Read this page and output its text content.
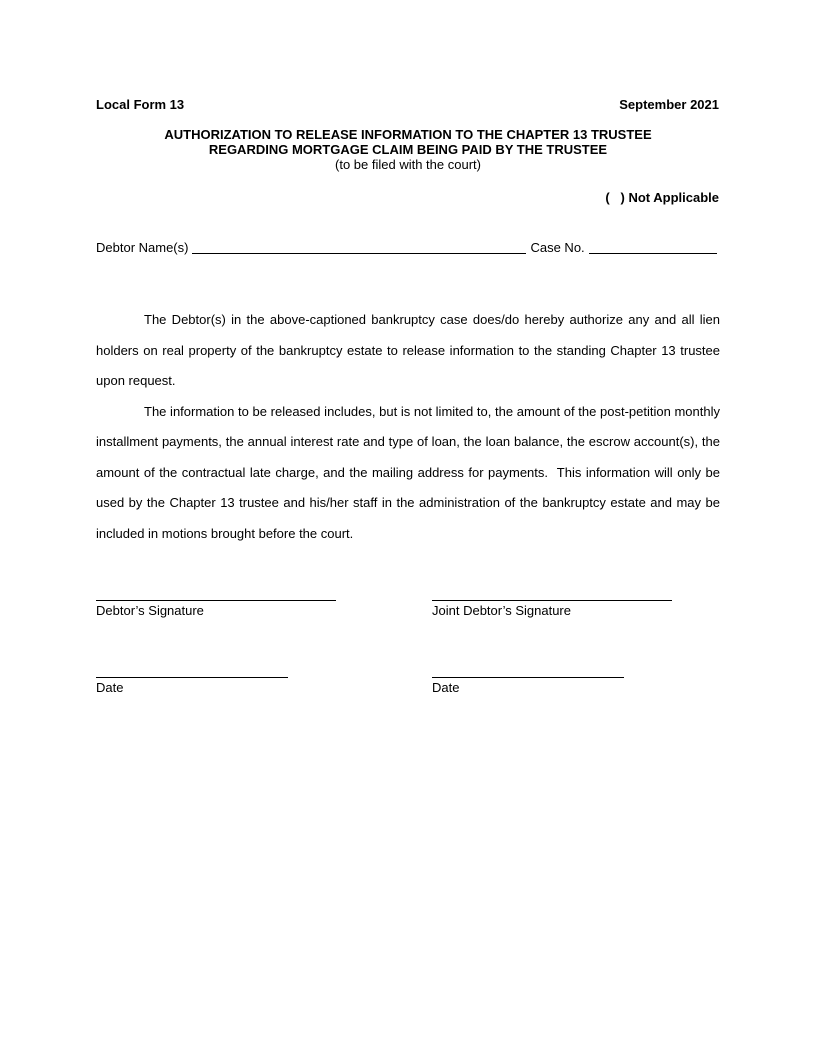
Local Form 13	September 2021
AUTHORIZATION TO RELEASE INFORMATION TO THE CHAPTER 13 TRUSTEE
REGARDING MORTGAGE CLAIM BEING PAID BY THE TRUSTEE
(to be filed with the court)
(   ) Not Applicable
Debtor Name(s)	Case No.

The Debtor(s) in the above-captioned bankruptcy case does/do hereby authorize any and all lien holders on real property of the bankruptcy estate to release information to the standing Chapter 13 trustee upon request.

The information to be released includes, but is not limited to, the amount of the post-petition monthly installment payments, the annual interest rate and type of loan, the loan balance, the escrow account(s), the amount of the contractual late charge, and the mailing address for payments.  This information will only be used by the Chapter 13 trustee and his/her staff in the administration of the bankruptcy estate and may be included in motions brought before the court.

Debtor’s Signature	Joint Debtor’s Signature
Date	Date
